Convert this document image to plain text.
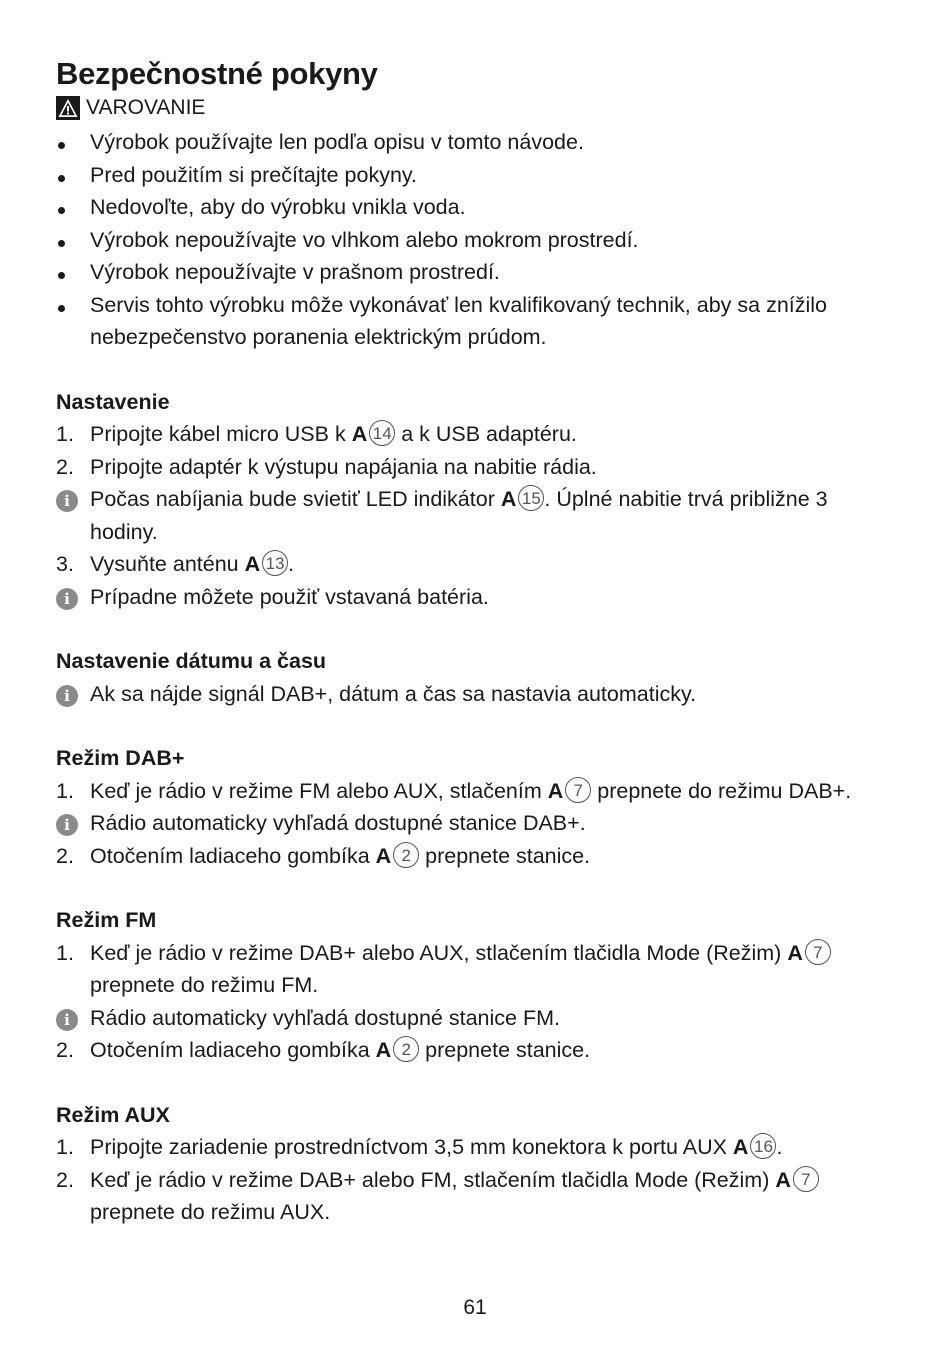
Bezpečnostné pokyny
VAROVANIE
Výrobok používajte len podľa opisu v tomto návode.
Pred použitím si prečítajte pokyny.
Nedovoľte, aby do výrobku vnikla voda.
Výrobok nepoužívajte vo vlhkom alebo mokrom prostredí.
Výrobok nepoužívajte v prašnom prostredí.
Servis tohto výrobku môže vykonávať len kvalifikovaný technik, aby sa znížilo nebezpečenstvo poranenia elektrickým prúdom.
Nastavenie
1. Pripojte kábel micro USB k A 14 a k USB adaptéru.
2. Pripojte adaptér k výstupu napájania na nabitie rádia.
i Počas nabíjania bude svietiť LED indikátor A 15 . Úplné nabitie trvá približne 3 hodiny.
3. Vysuňte anténu A 13 .
i Prípadne môžete použiť vstavaná batéria.
Nastavenie dátumu a času
i Ak sa nájde signál DAB+, dátum a čas sa nastavia automaticky.
Režim DAB+
1. Keď je rádio v režime FM alebo AUX, stlačením A 7 prepnete do režimu DAB+.
i Rádio automaticky vyhľadá dostupné stanice DAB+.
2. Otočením ladiaceho gombíka A 2 prepnete stanice.
Režim FM
1. Keď je rádio v režime DAB+ alebo AUX, stlačením tlačidla Mode (Režim) A 7 prepnete do režimu FM.
i Rádio automaticky vyhľadá dostupné stanice FM.
2. Otočením ladiaceho gombíka A 2 prepnete stanice.
Režim AUX
1. Pripojte zariadenie prostredníctvom 3,5 mm konektora k portu AUX A 16 .
2. Keď je rádio v režime DAB+ alebo FM, stlačením tlačidla Mode (Režim) A 7 prepnete do režimu AUX.
61
